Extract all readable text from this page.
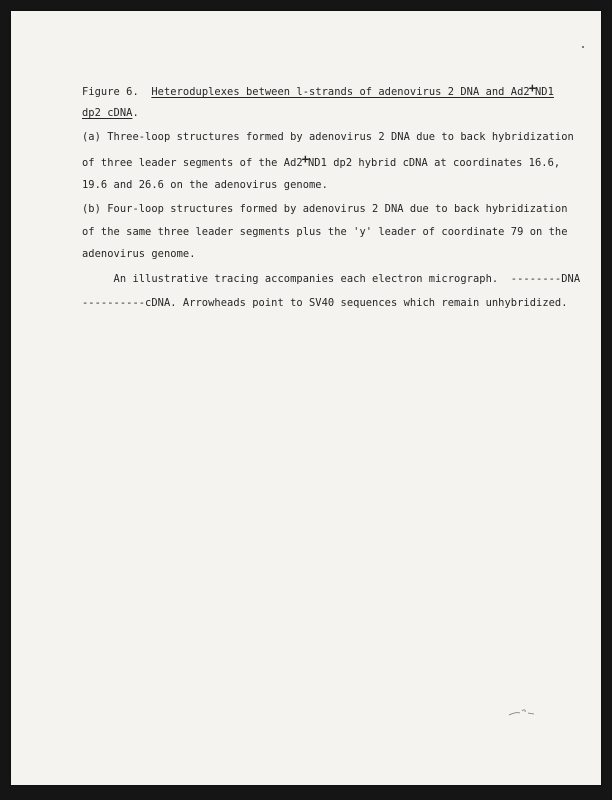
Figure 6.  Heteroduplexes between l-strands of adenovirus 2 DNA and Ad2+ND1
dp2 cDNA.
(a) Three-loop structures formed by adenovirus 2 DNA due to back hybridization
of three leader segments of the Ad2+ND1 dp2 hybrid cDNA at coordinates 16.6,
19.6 and 26.6 on the adenovirus genome.
(b) Four-loop structures formed by adenovirus 2 DNA due to back hybridization
of the same three leader segments plus the 'y' leader of coordinate 79 on the
adenovirus genome.
An illustrative tracing accompanies each electron micrograph.  --------DNA
----------cDNA. Arrowheads point to SV40 sequences which remain unhybridized.
